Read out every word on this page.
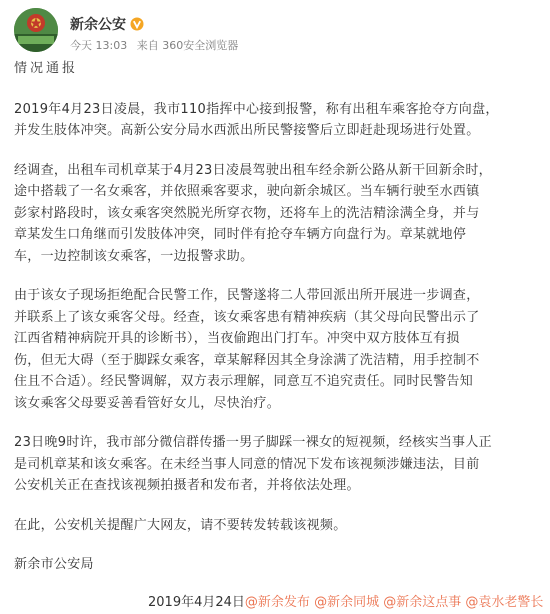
新余公安
今天 13:03 来自 360安全浏览器

情况通报

2019年4月23日凌晨，我市110指挥中心接到报警，称有出租车乘客抢夺方向盘，
并发生肢体冲突。高新公安分局水西派出所民警接警后立即赶赴现场进行处置。

经调查，出租车司机章某于4月23日凌晨驾驶出租车经余新公路从新干回新余时，
途中搭载了一名女乘客，并依照乘客要求，驶向新余城区。当车辆行驶至水西镇
彭家村路段时，该女乘客突然脱光所穿衣物，还将车上的洗洁精涂满全身，并与
章某发生口角继而引发肢体冲突，同时伴有抢夺车辆方向盘行为。章某就地停
车，一边控制该女乘客，一边报警求助。

由于该女子现场拒绝配合民警工作，民警遂将二人带回派出所开展进一步调查，
并联系上了该女乘客父母。经查，该女乘客患有精神疾病（其父母向民警出示了
江西省精神病院开具的诊断书），当夜偷跑出门打车。冲突中双方肢体互有损
伤，但无大碍（至于脚踩女乘客，章某解释因其全身涂满了洗洁精，用手控制不
住且不合适）。经民警调解，双方表示理解，同意互不追究责任。同时民警告知
该女乘客父母要妥善看管好女儿，尽快治疗。

23日晚9时许，我市部分微信群传播一男子脚踩一裸女的短视频，经核实当事人正
是司机章某和该女乘客。在未经当事人同意的情况下发布该视频涉嫌违法，目前
公安机关正在查找该视频拍摄者和发布者，并将依法处理。

在此，公安机关提醒广大网友，请不要转发转载该视频。

新余市公安局

2019年4月24日@新余发布 @新余同城 @新余这点事 @袁水老警长
